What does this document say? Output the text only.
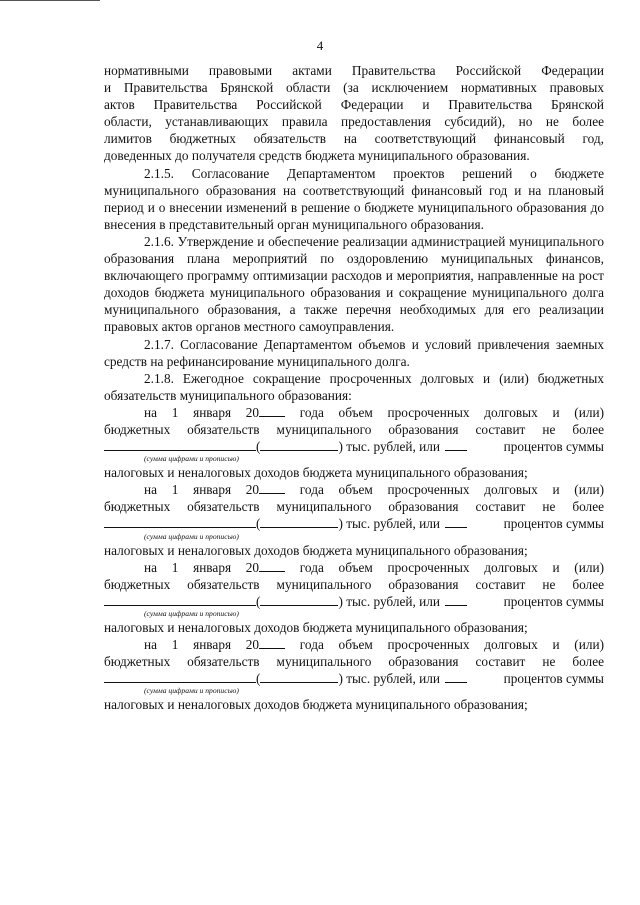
4
нормативными правовыми актами Правительства Российской Федерации
и Правительства Брянской области (за исключением нормативных правовых
актов Правительства Российской Федерации и Правительства Брянской
области, устанавливающих правила предоставления субсидий), но не более
лимитов бюджетных обязательств на соответствующий финансовый год,
доведенных до получателя средств бюджета муниципального образования.

2.1.5. Согласование Департаментом проектов решений о бюджете муниципального образования на соответствующий финансовый год и на плановый период и о внесении изменений в решение о бюджете муниципального образования до внесения в представительный орган муниципального образования.

2.1.6. Утверждение и обеспечение реализации администрацией муниципального образования плана мероприятий по оздоровлению муниципальных финансов, включающего программу оптимизации расходов и мероприятия, направленные на рост доходов бюджета муниципального образования и сокращение муниципального долга муниципального образования, а также перечня необходимых для его реализации правовых актов органов местного самоуправления.

2.1.7. Согласование Департаментом объемов и условий привлечения заемных средств на рефинансирование муниципального долга.

2.1.8. Ежегодное сокращение просроченных долговых и (или) бюджетных обязательств муниципального образования:

на 1 января 20 года объем просроченных долговых и (или)
бюджетных обязательств муниципального образования составит не более
(	) тыс. рублей, или	процентов суммы
(сумма цифрами и прописью)
налоговых и неналоговых доходов бюджета муниципального образования;
на 1 января 20 года объем просроченных долговых и (или)
бюджетных обязательств муниципального образования составит не более
(	) тыс. рублей, или	процентов суммы
(сумма цифрами и прописью)
налоговых и неналоговых доходов бюджета муниципального образования;
на 1 января 20 года объем просроченных долговых и (или)
бюджетных обязательств муниципального образования составит не более
(	) тыс. рублей, или	процентов суммы
(сумма цифрами и прописью)
налоговых и неналоговых доходов бюджета муниципального образования;
на 1 января 20 года объем просроченных долговых и (или)
бюджетных обязательств муниципального образования составит не более
(	) тыс. рублей, или	процентов суммы
(сумма цифрами и прописью)
налоговых и неналоговых доходов бюджета муниципального образования;
